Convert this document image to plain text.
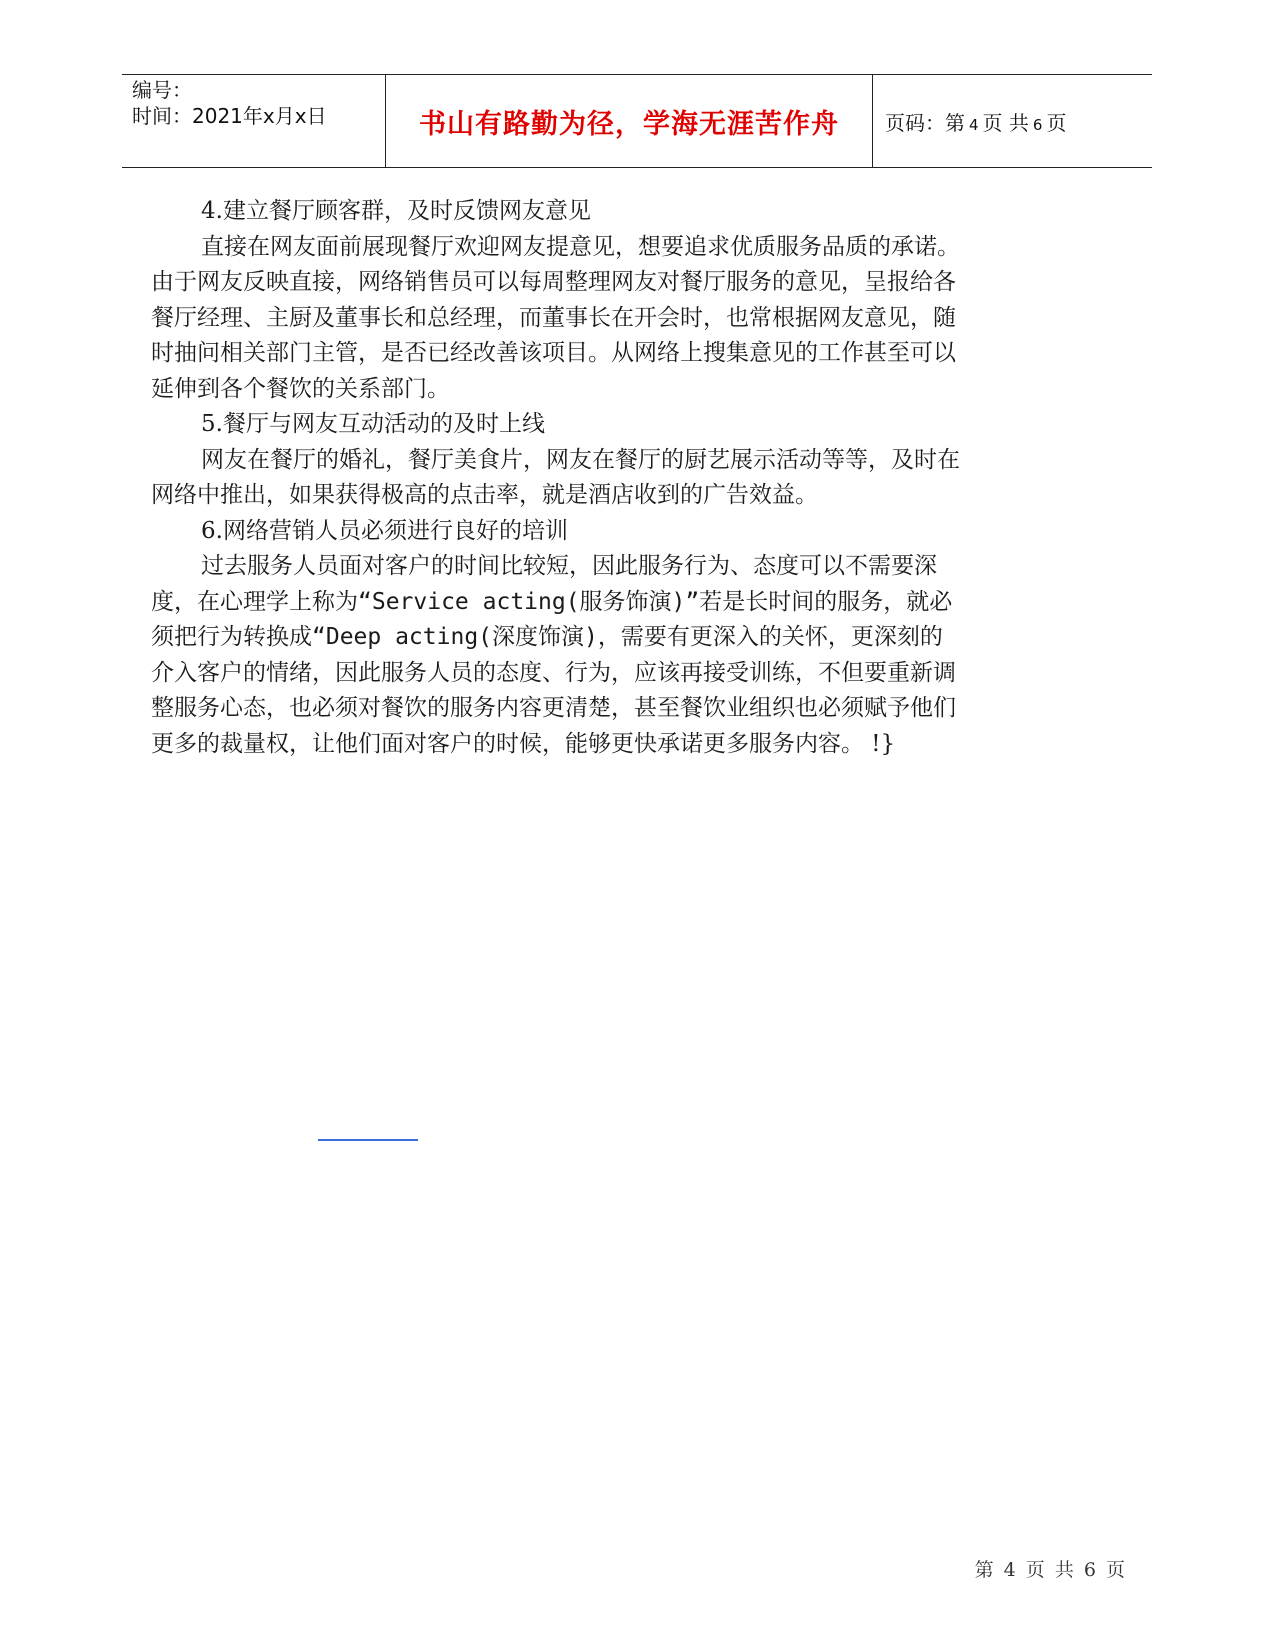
编号：
时间：2021年x月x日	书山有路勤为径，学海无涯苦作舟 页码：第 4 页 共 6 页

4.建立餐厅顾客群，及时反馈网友意见

直接在网友面前展现餐厅欢迎网友提意见，想要追求优质服务品质的承诺。由于网友反映直接，网络销售员可以每周整理网友对餐厅服务的意见，呈报给各餐厅经理、主厨及董事长和总经理，而董事长在开会时，也常根据网友意见，随时抽问相关部门主管，是否已经改善该项目。从网络上搜集意见的工作甚至可以延伸到各个餐饮的关系部门。

5.餐厅与网友互动活动的及时上线

网友在餐厅的婚礼，餐厅美食片，网友在餐厅的厨艺展示活动等等，及时在网络中推出，如果获得极高的点击率，就是酒店收到的广告效益。

6.网络营销人员必须进行良好的培训

过去服务人员面对客户的时间比较短，因此服务行为、态度可以不需要深度，在心理学上称为“Service acting(服务饰演)”若是长时间的服务，就必须把行为转换成“Deep acting(深度饰演)，需要有更深入的关怀，更深刻的介入客户的情绪，因此服务人员的态度、行为，应该再接受训练，不但要重新调整服务心态，也必须对餐饮的服务内容更清楚，甚至餐饮业组织也必须赋予他们更多的裁量权，让他们面对客户的时候，能够更快承诺更多服务内容。 !}

第 4 页 共 6 页
